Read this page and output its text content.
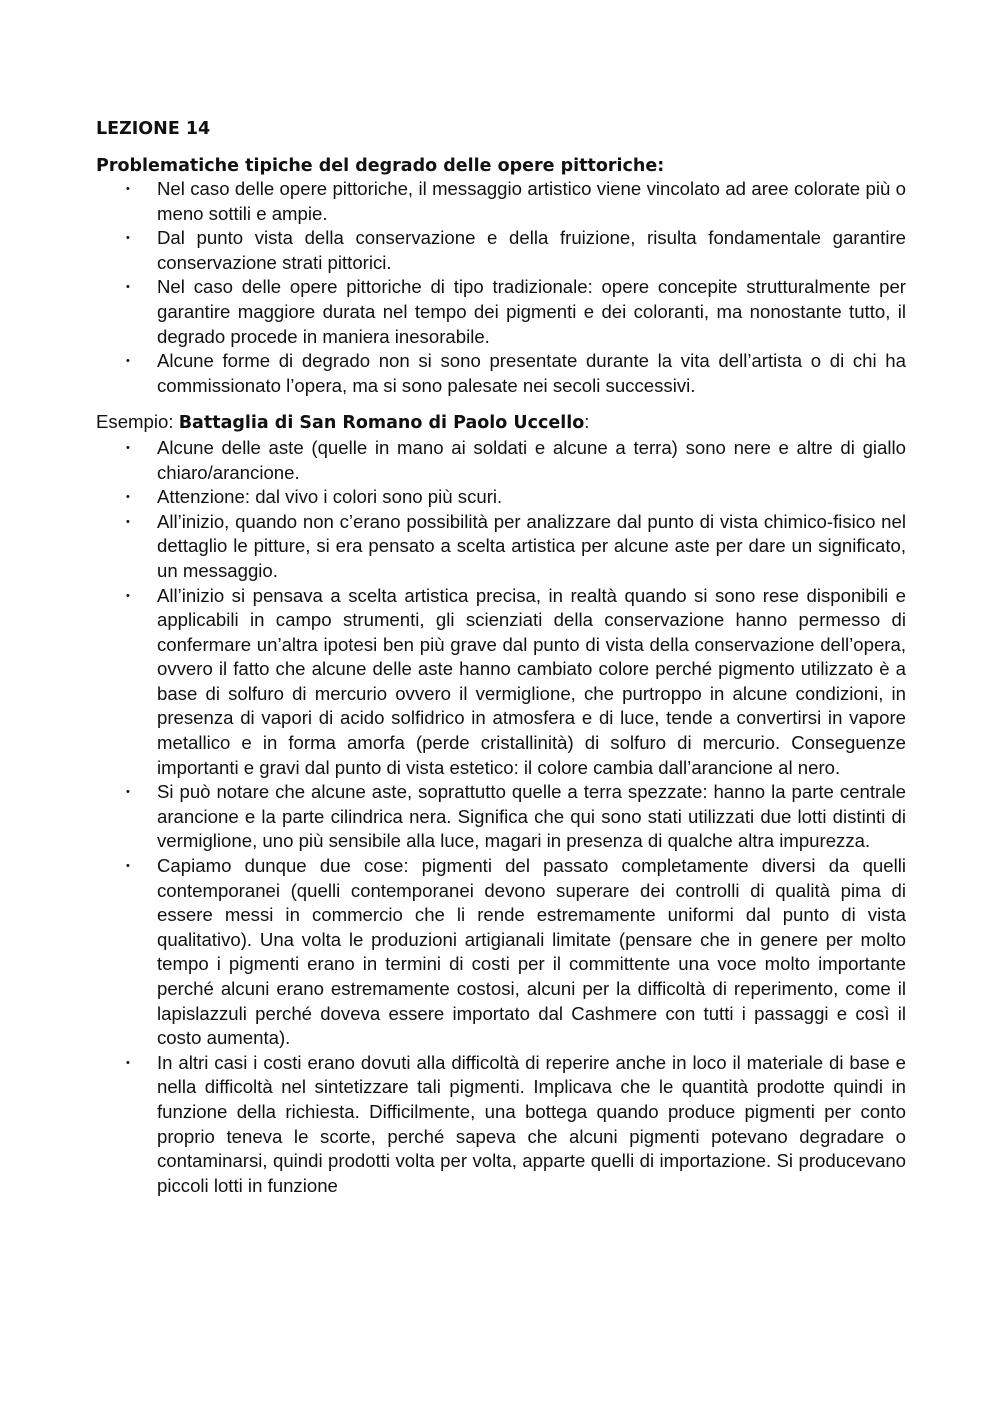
LEZIONE 14
Problematiche tipiche del degrado delle opere pittoriche:
• Nel caso delle opere pittoriche, il messaggio artistico viene vincolato ad aree colorate più o meno sottili e ampie.
• Dal punto vista della conservazione e della fruizione, risulta fondamentale garantire conservazione strati pittorici.
• Nel caso delle opere pittoriche di tipo tradizionale: opere concepite strutturalmente per garantire maggiore durata nel tempo dei pigmenti e dei coloranti, ma nonostante tutto, il degrado procede in maniera inesorabile.
• Alcune forme di degrado non si sono presentate durante la vita dell’artista o di chi ha commissionato l’opera, ma si sono palesate nei secoli successivi.
Esempio: Battaglia di San Romano di Paolo Uccello:
• Alcune delle aste (quelle in mano ai soldati e alcune a terra) sono nere e altre di giallo chiaro/arancione.
• Attenzione: dal vivo i colori sono più scuri.
• All’inizio, quando non c’erano possibilità per analizzare dal punto di vista chimico-fisico nel dettaglio le pitture, si era pensato a scelta artistica per alcune aste per dare un significato, un messaggio.
• All’inizio si pensava a scelta artistica precisa, in realtà quando si sono rese disponibili e applicabili in campo strumenti, gli scienziati della conservazione hanno permesso di confermare un’altra ipotesi ben più grave dal punto di vista della conservazione dell’opera, ovvero il fatto che alcune delle aste hanno cambiato colore perché pigmento utilizzato è a base di solfuro di mercurio ovvero il vermiglione, che purtroppo in alcune condizioni, in presenza di vapori di acido solfidrico in atmosfera e di luce, tende a convertirsi in vapore metallico e in forma amorfa (perde cristallinità) di solfuro di mercurio. Conseguenze importanti e gravi dal punto di vista estetico: il colore cambia dall’arancione al nero.
• Si può notare che alcune aste, soprattutto quelle a terra spezzate: hanno la parte centrale arancione e la parte cilindrica nera. Significa che qui sono stati utilizzati due lotti distinti di vermiglione, uno più sensibile alla luce, magari in presenza di qualche altra impurezza.
• Capiamo dunque due cose: pigmenti del passato completamente diversi da quelli contemporanei (quelli contemporanei devono superare dei controlli di qualità pima di essere messi in commercio che li rende estremamente uniformi dal punto di vista qualitativo). Una volta le produzioni artigianali limitate (pensare che in genere per molto tempo i pigmenti erano in termini di costi per il committente una voce molto importante perché alcuni erano estremamente costosi, alcuni per la difficoltà di reperimento, come il lapislazzuli perché doveva essere importato dal Cashmere con tutti i passaggi e così il costo aumenta).
• In altri casi i costi erano dovuti alla difficoltà di reperire anche in loco il materiale di base e nella difficoltà nel sintetizzare tali pigmenti. Implicava che le quantità prodotte quindi in funzione della richiesta. Difficilmente, una bottega quando produce pigmenti per conto proprio teneva le scorte, perché sapeva che alcuni pigmenti potevano degradare o contaminarsi, quindi prodotti volta per volta, apparte quelli di importazione. Si producevano piccoli lotti in funzione
